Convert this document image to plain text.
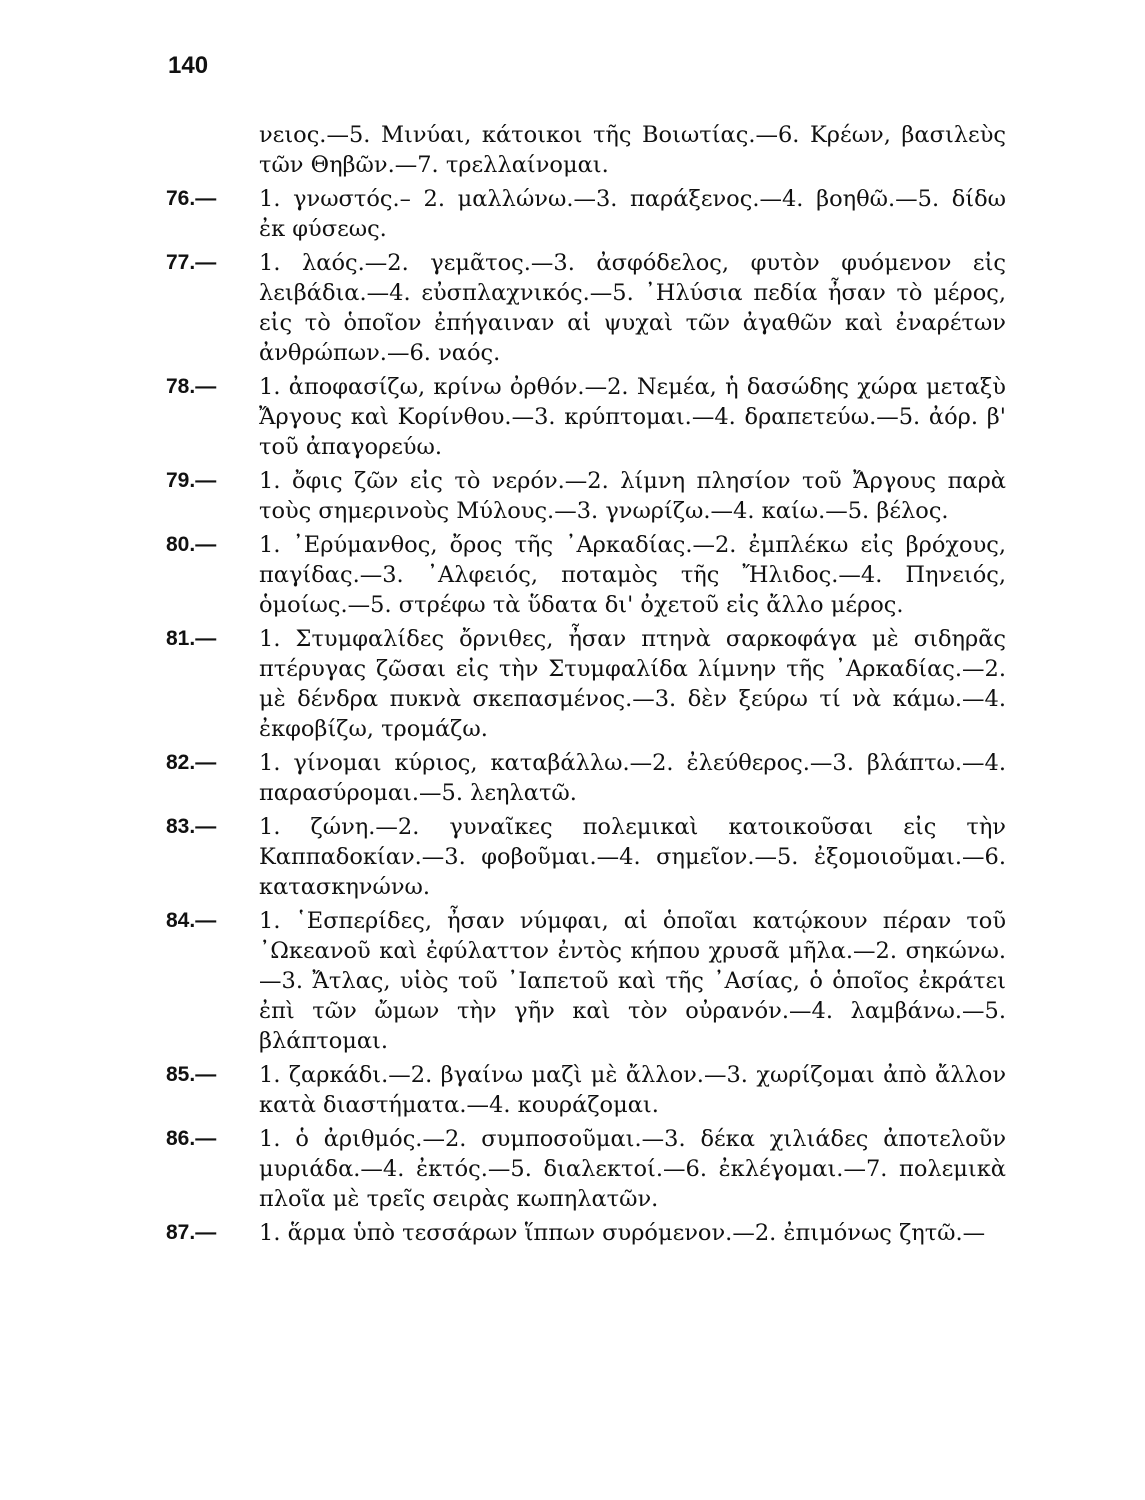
140
νειος.—5. Μινύαι, κάτοικοι τῆς Βοιωτίας.—6. Κρέων, βασιλεὺς τῶν Θηβῶν.—7. τρελλαίνομαι.
76.— 1. γνωστός.– 2. μαλλώνω.—3. παράξενος.—4. βοηθῶ.—5. δίδω ἐκ φύσεως.
77.— 1. λαός.—2. γεμᾶτος.—3. ἀσφόδελος, φυτὸν φυόμενον εἰς λειβάδια.—4. εὐσπλαχνικός.—5. ᾿Ηλύσια πεδία ἦσαν τὸ μέρος, εἰς τὸ ὁποῖον ἐπήγαιναν αἱ ψυχαὶ τῶν ἀγαθῶν καὶ ἐναρέτων ἀνθρώπων.—6. ναός.
78.— 1. ἀποφασίζω, κρίνω ὀρθόν.—2. Νεμέα, ἡ δασώδης χώρα μεταξὺ Ἄργους καὶ Κορίνθου.—3. κρύπτομαι.—4. δραπετεύω.—5. ἀόρ. β' τοῦ ἀπαγορεύω.
79.— 1. ὄφις ζῶν εἰς τὸ νερόν.—2. λίμνη πλησίον τοῦ Ἄργους παρὰ τοὺς σημερινοὺς Μύλους.—3. γνωρίζω.—4. καίω.—5. βέλος.
80.— 1. ᾿Ερύμανθος, ὄρος τῆς ᾿Αρκαδίας.—2. ἐμπλέκω εἰς βρόχους, παγίδας.—3. ᾿Αλφειός, ποταμὸς τῆς Ἤλιδος.—4. Πηνειός, ὁμοίως.—5. στρέφω τὰ ὕδατα δι' ὀχετοῦ εἰς ἄλλο μέρος.
81.— 1. Στυμφαλίδες ὄρνιθες, ἦσαν πτηνὰ σαρκοφάγα μὲ σιδηρᾶς πτέρυγας ζῶσαι εἰς τὴν Στυμφαλίδα λίμνην τῆς ᾿Αρκαδίας.—2. μὲ δένδρα πυκνὰ σκεπασμένος.—3. δὲν ξεύρω τί νὰ κάμω.—4. ἐκφοβίζω, τρομάζω.
82.— 1. γίνομαι κύριος, καταβάλλω.—2. ἐλεύθερος.—3. βλάπτω.—4. παρασύρομαι.—5. λεηλατῶ.
83.— 1. ζώνη.—2. γυναῖκες πολεμικαὶ κατοικοῦσαι εἰς τὴν Καππαδοκίαν.—3. φοβοῦμαι.—4. σημεῖον.—5. ἐξομοιοῦμαι.—6. κατασκηνώνω.
84.— 1. ῾Εσπερίδες, ἦσαν νύμφαι, αἱ ὁποῖαι κατῴκουν πέραν τοῦ ᾿Ωκεανοῦ καὶ ἐφύλαττον ἐντὸς κήπου χρυσᾶ μῆλα.—2. σηκώνω.—3. Ἄτλας, υἱὸς τοῦ ᾿Ιαπετοῦ καὶ τῆς ᾿Ασίας, ὁ ὁποῖος ἐκράτει ἐπὶ τῶν ὤμων τὴν γῆν καὶ τὸν οὐρανόν.—4. λαμβάνω.—5. βλάπτομαι.
85.— 1. ζαρκάδι.—2. βγαίνω μαζὶ μὲ ἄλλον.—3. χωρίζομαι ἀπὸ ἄλλον κατὰ διαστήματα.—4. κουράζομαι.
86.— 1. ὁ ἀριθμός.—2. συμποσοῦμαι.—3. δέκα χιλιάδες ἀποτελοῦν μυριάδα.—4. ἐκτός.—5. διαλεκτοί.—6. ἐκλέγομαι.—7. πολεμικὰ πλοῖα μὲ τρεῖς σειρὰς κωπηλατῶν.
87.— 1. ἅρμα ὑπὸ τεσσάρων ἵππων συρόμενον.—2. ἐπιμόνως ζητῶ.—
